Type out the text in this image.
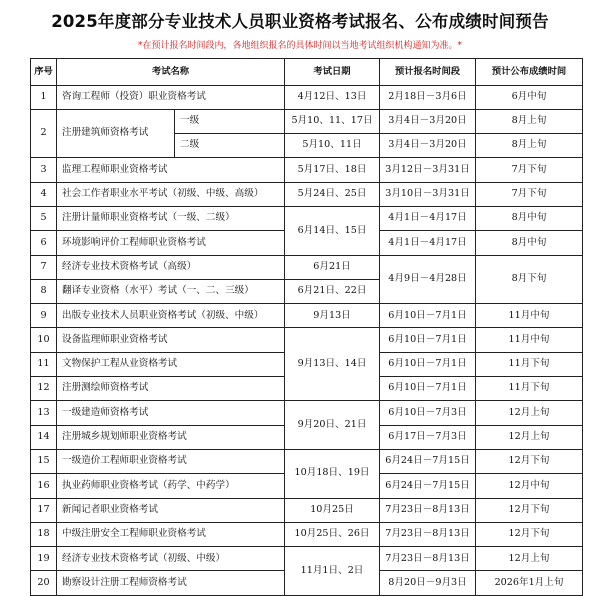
2025年度部分专业技术人员职业资格考试报名、公布成绩时间预告
*在预计报名时间段内，各地组织报名的具体时间以当地考试组织机构通知为准。*
序号	考试名称		考试日期	预计报名时间段	预计公布成绩时间
1	咨询工程师（投资）职业资格考试		4月12日、13日	2月18日－3月6日	6月中旬
2	注册建筑师资格考试	一级	5月10、11、17日	3月4日－3月20日	8月上旬
		二级	5月10、11日	3月4日－3月20日	8月上旬
3	监理工程师职业资格考试		5月17日、18日	3月12日－3月31日	7月下旬
4	社会工作者职业水平考试（初级、中级、高级）		5月24日、25日	3月10日－3月31日	7月下旬
5	注册计量师职业资格考试（一级、二级）		6月14日、15日	4月1日－4月17日	8月中旬
6	环境影响评价工程师职业资格考试			4月1日－4月17日	8月中旬
7	经济专业技术资格考试（高级）		6月21日	4月9日－4月28日	8月下旬
8	翻译专业资格（水平）考试（一、二、三级）		6月21日、22日		
9	出版专业技术人员职业资格考试（初级、中级）		9月13日	6月10日－7月1日	11月中旬
10	设备监理师职业资格考试		9月13日、14日	6月10日－7月1日	11月中旬
11	文物保护工程从业资格考试			6月10日－7月1日	11月下旬
12	注册测绘师资格考试			6月10日－7月1日	11月下旬
13	一级建造师资格考试		9月20日、21日	6月10日－7月3日	12月上旬
14	注册城乡规划师职业资格考试			6月17日－7月3日	12月上旬
15	一级造价工程师职业资格考试		10月18日、19日	6月24日－7月15日	12月下旬
16	执业药师职业资格考试（药学、中药学）			6月24日－7月15日	12月中旬
17	新闻记者职业资格考试		10月25日	7月23日－8月13日	12月下旬
18	中级注册安全工程师职业资格考试		10月25日、26日	7月23日－8月13日	12月下旬
19	经济专业技术资格考试（初级、中级）		11月1日、2日	7月23日－8月13日	12月上旬
20	勘察设计注册工程师资格考试			8月20日－9月3日	2026年1月上旬
